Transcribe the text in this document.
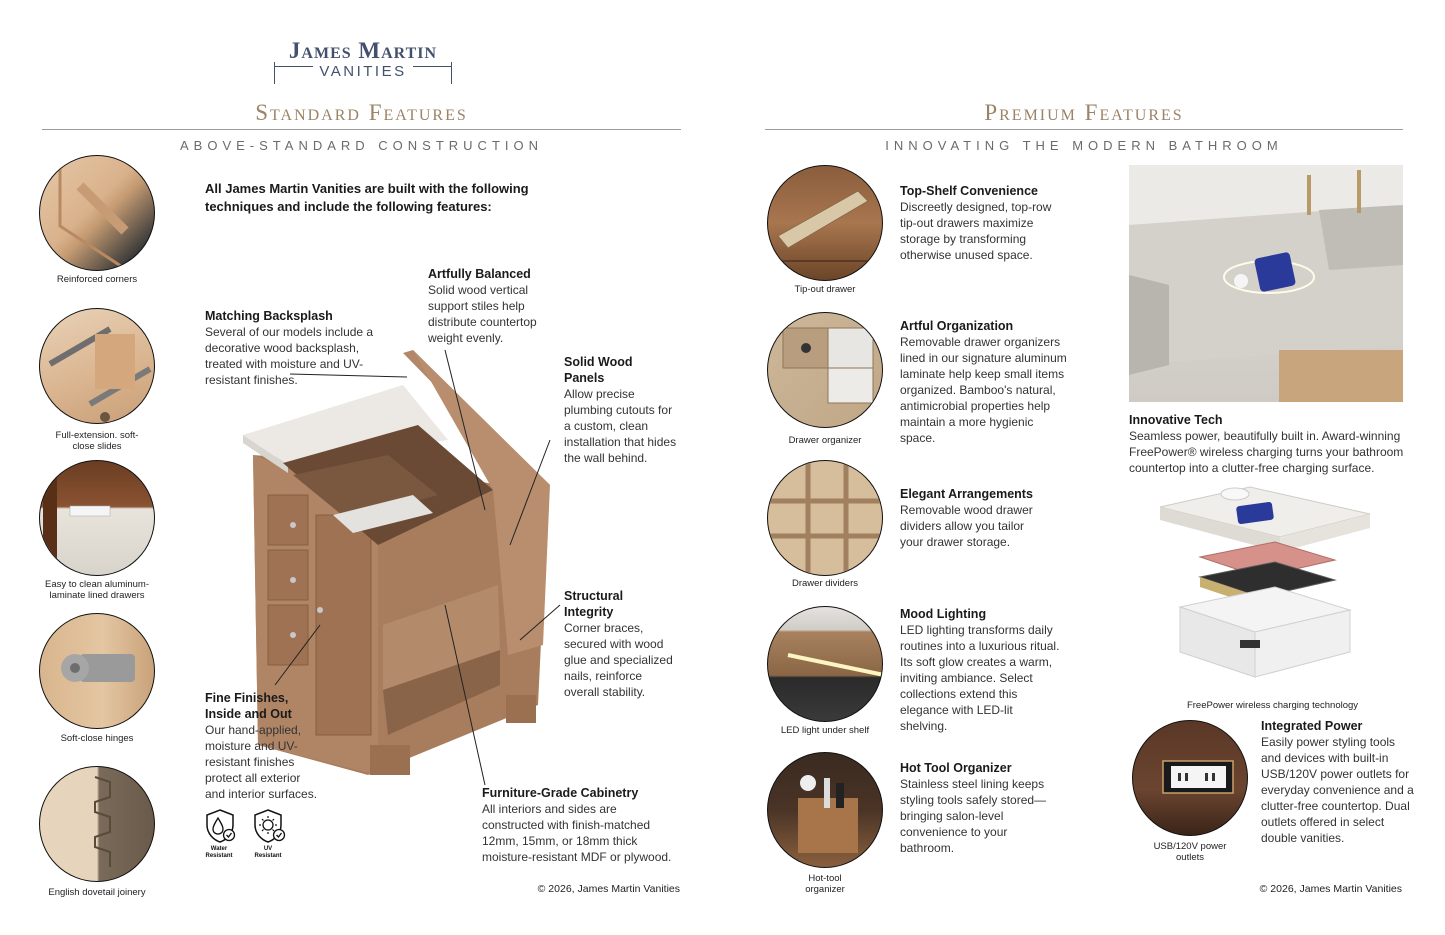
James Martin
VANITIES
Standard Features
ABOVE-STANDARD CONSTRUCTION
Premium Features
INNOVATING THE MODERN BATHROOM
Reinforced corners
Full-extension. soft-close slides
Easy to clean aluminum-laminate lined drawers
Soft-close hinges
English dovetail joinery
All James Martin Vanities are built with the following techniques and include the following features:
Matching Backsplash
Several of our models include a decorative wood backsplash, treated with moisture and UV-resistant finishes.
Artfully Balanced
Solid wood vertical support stiles help distribute countertop weight evenly.
Solid Wood Panels
Allow precise plumbing cutouts for a custom, clean installation that hides the wall behind.
Structural Integrity
Corner braces, secured with wood glue and specialized nails, reinforce overall stability.
Fine Finishes, Inside and Out
Our hand-applied, moisture and UV-resistant finishes protect all exterior and interior surfaces.	Furniture-Grade Cabinetry
All interiors and sides are constructed with finish-matched 12mm, 15mm, or 18mm thick moisture-resistant MDF or plywood.
Water Resistant
UV Resistant
© 2026, James Martin Vanities
Tip-out drawer
Drawer organizer
Drawer dividers
LED light under shelf
Hot-tool organizer
Top-Shelf Convenience
Discreetly designed, top-row tip-out drawers maximize storage by transforming otherwise unused space.
Artful Organization
Removable drawer organizers lined in our signature aluminum laminate help keep small items organized. Bamboo's natural, antimicrobial properties help maintain a more hygienic space.
Elegant Arrangements
Removable wood drawer dividers allow you tailor your drawer storage.
Mood Lighting
LED lighting transforms daily routines into a luxurious ritual. Its soft glow creates a warm, inviting ambiance. Select collections extend this elegance with LED-lit shelving.
Hot Tool Organizer
Stainless steel lining keeps styling tools safely stored—bringing salon-level convenience to your bathroom.
Innovative Tech
Seamless power, beautifully built in. Award-winning FreePower® wireless charging turns your bathroom countertop into a clutter-free charging surface.
FreePower wireless charging technology
USB/120V power outlets
Integrated Power
Easily power styling tools and devices with built-in USB/120V power outlets for everyday convenience and a clutter-free countertop. Dual outlets offered in select double vanities.
© 2026, James Martin Vanities
